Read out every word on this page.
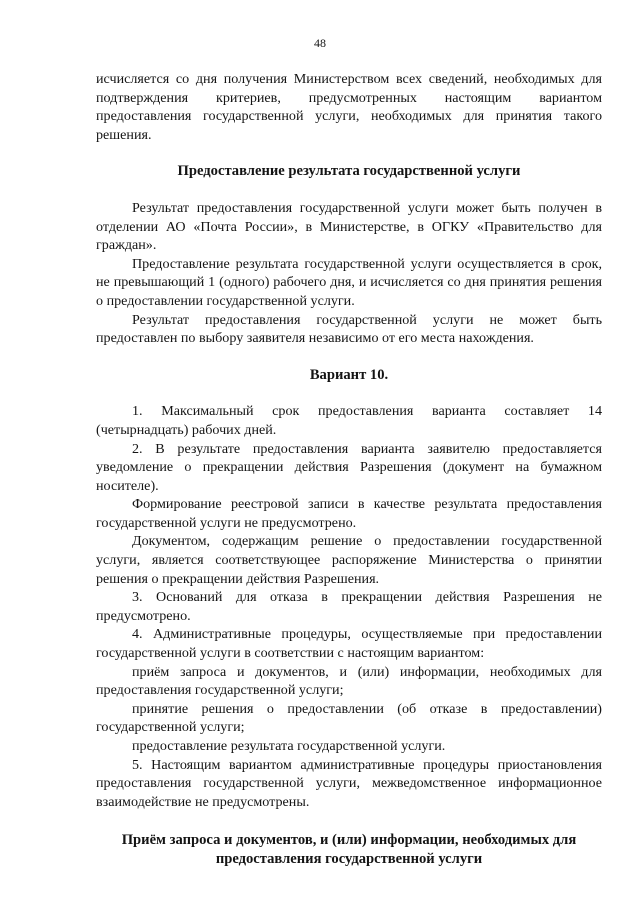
48

исчисляется со дня получения Министерством всех сведений, необходимых для подтверждения критериев, предусмотренных настоящим вариантом предоставления государственной услуги, необходимых для принятия такого решения.

Предоставление результата государственной услуги

Результат предоставления государственной услуги может быть получен в отделении АО «Почта России», в Министерстве, в ОГКУ «Правительство для граждан».

Предоставление результата государственной услуги осуществляется в срок, не превышающий 1 (одного) рабочего дня, и исчисляется со дня принятия решения о предоставлении государственной услуги.

Результат предоставления государственной услуги не может быть предоставлен по выбору заявителя независимо от его места нахождения.

Вариант 10.

1. Максимальный срок предоставления варианта составляет 14 (четырнадцать) рабочих дней.

2. В результате предоставления варианта заявителю предоставляется уведомление о прекращении действия Разрешения (документ на бумажном носителе).

Формирование реестровой записи в качестве результата предоставления государственной услуги не предусмотрено.

Документом, содержащим решение о предоставлении государственной услуги, является соответствующее распоряжение Министерства о принятии решения о прекращении действия Разрешения.

3. Оснований для отказа в прекращении действия Разрешения не предусмотрено.

4. Административные процедуры, осуществляемые при предоставлении государственной услуги в соответствии с настоящим вариантом:

приём запроса и документов, и (или) информации, необходимых для предоставления государственной услуги;

принятие решения о предоставлении (об отказе в предоставлении) государственной услуги;

предоставление результата государственной услуги.

5. Настоящим вариантом административные процедуры приостановления предоставления государственной услуги, межведомственное информационное взаимодействие не предусмотрены.

Приём запроса и документов, и (или) информации, необходимых для

предоставления государственной услуги
